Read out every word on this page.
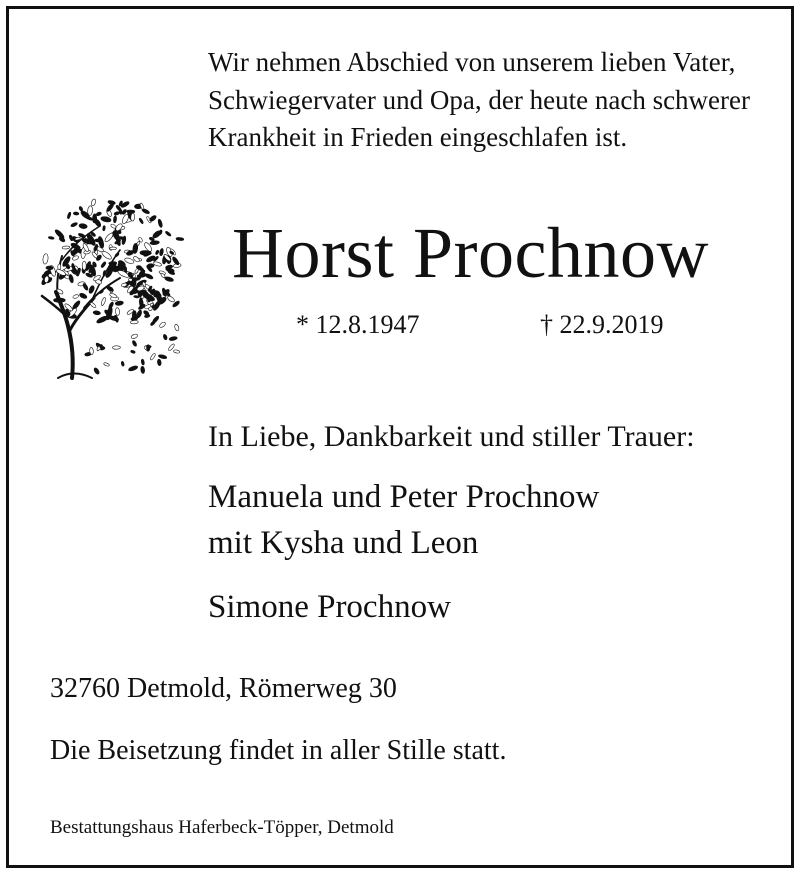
Wir nehmen Abschied von unserem lieben Vater,
Schwiegervater und Opa, der heute nach schwerer
Krankheit in Frieden eingeschlafen ist.
Horst Prochnow
* 12.8.1947	† 22.9.2019
In Liebe, Dankbarkeit und stiller Trauer:
Manuela und Peter Prochnow
mit Kysha und Leon
Simone Prochnow
32760 Detmold, Römerweg 30
Die Beisetzung findet in aller Stille statt.
Bestattungshaus Haferbeck-Töpper, Detmold
